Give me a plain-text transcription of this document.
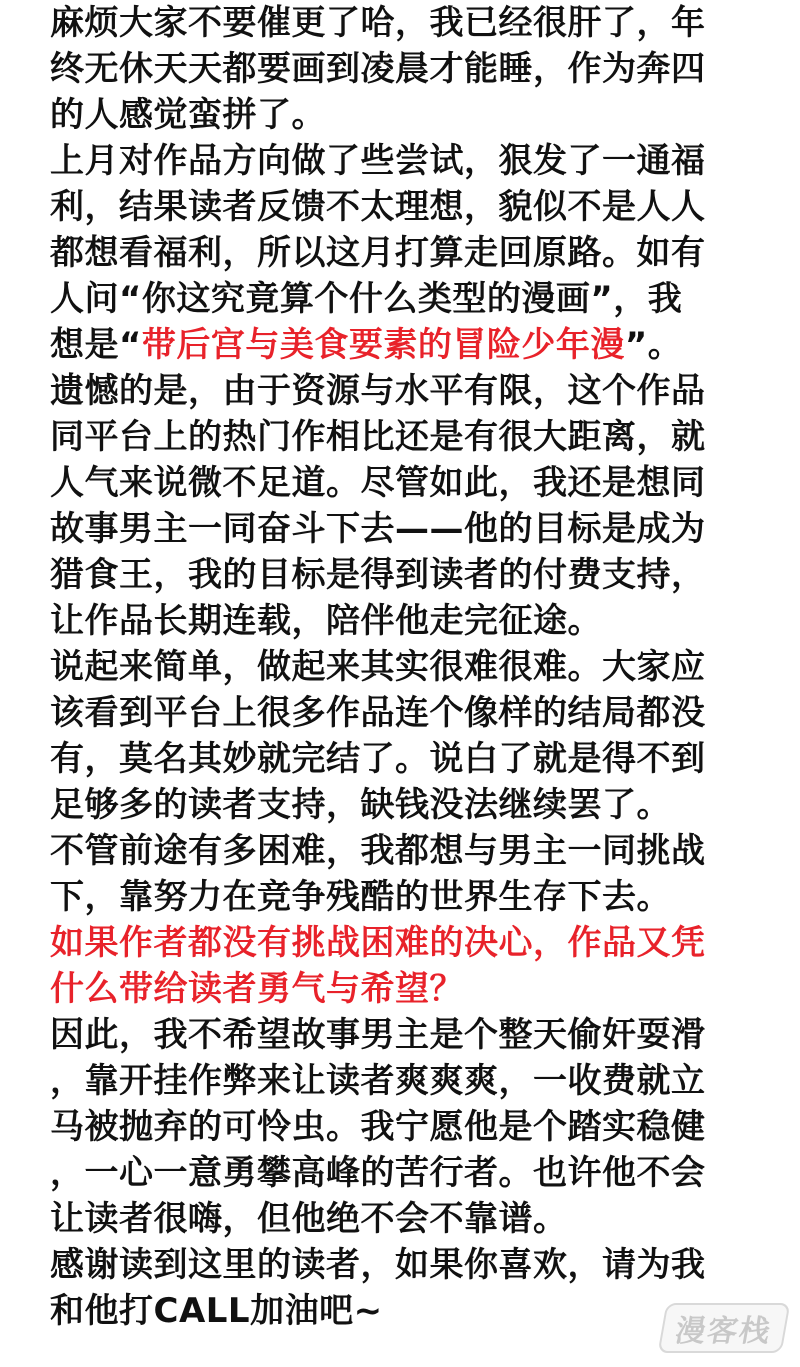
麻烦大家不要催更了哈，我已经很肝了，年
终无休天天都要画到凌晨才能睡，作为奔四
的人感觉蛮拼了。
上月对作品方向做了些尝试，狠发了一通福
利，结果读者反馈不太理想，貌似不是人人
都想看福利，所以这月打算走回原路。如有
人问“你这究竟算个什么类型的漫画”，我
想是“带后宫与美食要素的冒险少年漫”。
遗憾的是，由于资源与水平有限，这个作品
同平台上的热门作相比还是有很大距离，就
人气来说微不足道。尽管如此，我还是想同
故事男主一同奋斗下去——他的目标是成为
猎食王，我的目标是得到读者的付费支持，
让作品长期连载，陪伴他走完征途。
说起来简单，做起来其实很难很难。大家应
该看到平台上很多作品连个像样的结局都没
有，莫名其妙就完结了。说白了就是得不到
足够多的读者支持，缺钱没法继续罢了。
不管前途有多困难，我都想与男主一同挑战
下，靠努力在竞争残酷的世界生存下去。
如果作者都没有挑战困难的决心，作品又凭
什么带给读者勇气与希望？
因此，我不希望故事男主是个整天偷奸耍滑
，靠开挂作弊来让读者爽爽爽，一收费就立
马被抛弃的可怜虫。我宁愿他是个踏实稳健
，一心一意勇攀高峰的苦行者。也许他不会
让读者很嗨，但他绝不会不靠谱。
感谢读到这里的读者，如果你喜欢，请为我
和他打CALL加油吧~
漫客栈
